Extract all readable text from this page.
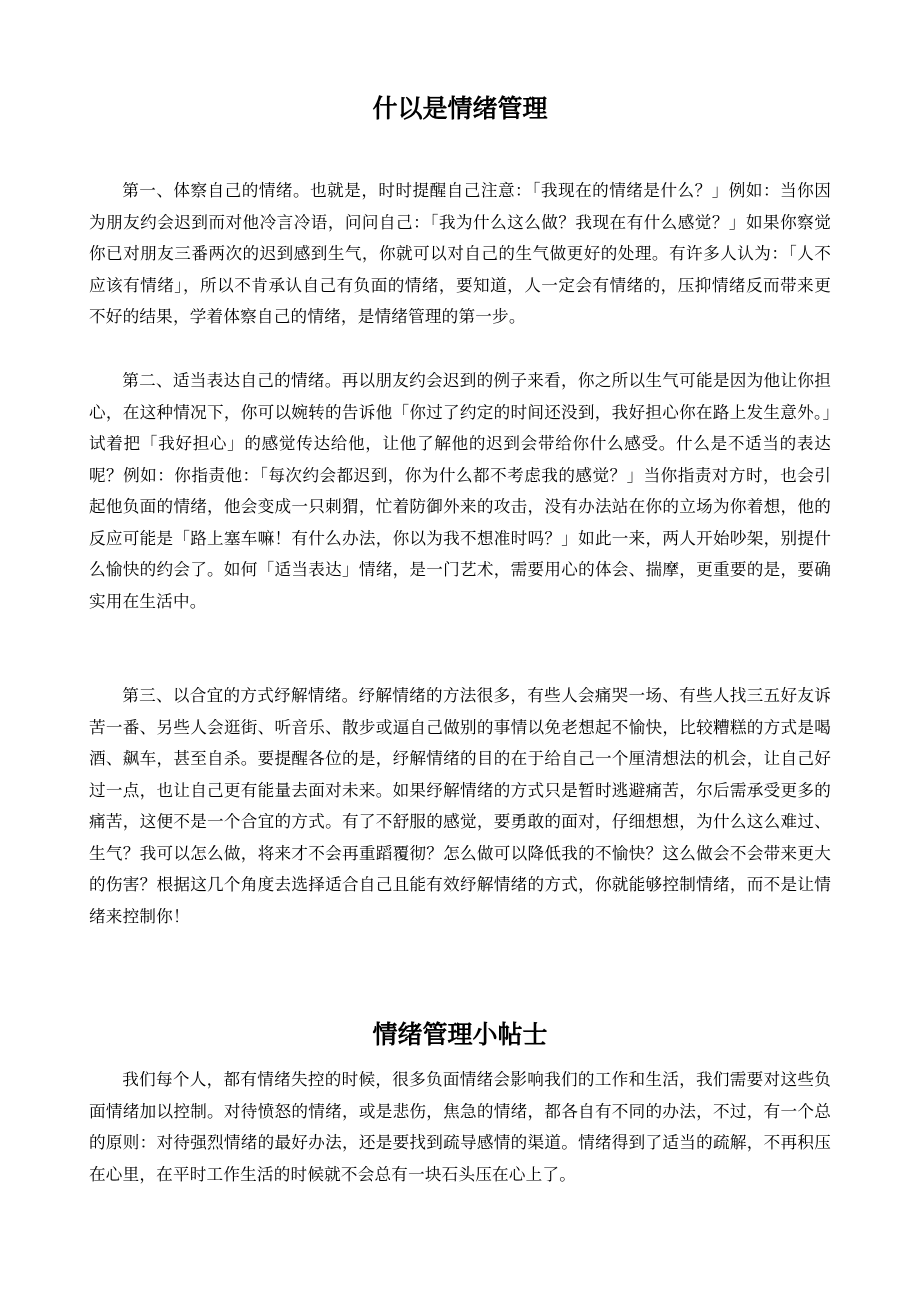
什以是情绪管理

第一、体察自己的情绪。也就是，时时提醒自己注意：「我现在的情绪是什么？」例如：当你因为朋友约会迟到而对他冷言冷语，问问自己：「我为什么这么做？我现在有什么感觉？」如果你察觉你已对朋友三番两次的迟到感到生气，你就可以对自己的生气做更好的处理。有许多人认为：「人不应该有情绪」，所以不肯承认自己有负面的情绪，要知道，人一定会有情绪的，压抑情绪反而带来更不好的结果，学着体察自己的情绪，是情绪管理的第一步。

第二、适当表达自己的情绪。再以朋友约会迟到的例子来看，你之所以生气可能是因为他让你担心，在这种情况下，你可以婉转的告诉他「你过了约定的时间还没到，我好担心你在路上发生意外。」试着把「我好担心」的感觉传达给他，让他了解他的迟到会带给你什么感受。什么是不适当的表达呢？例如：你指责他：「每次约会都迟到，你为什么都不考虑我的感觉？」当你指责对方时，也会引起他负面的情绪，他会变成一只刺猬，忙着防御外来的攻击，没有办法站在你的立场为你着想，他的反应可能是「路上塞车嘛！有什么办法，你以为我不想准时吗？」如此一来，两人开始吵架，别提什么愉快的约会了。如何「适当表达」情绪，是一门艺术，需要用心的体会、揣摩，更重要的是，要确实用在生活中。

第三、以合宜的方式纾解情绪。纾解情绪的方法很多，有些人会痛哭一场、有些人找三五好友诉苦一番、另些人会逛街、听音乐、散步或逼自己做别的事情以免老想起不愉快，比较糟糕的方式是喝酒、飙车，甚至自杀。要提醒各位的是，纾解情绪的目的在于给自己一个厘清想法的机会，让自己好过一点，也让自己更有能量去面对未来。如果纾解情绪的方式只是暂时逃避痛苦，尔后需承受更多的痛苦，这便不是一个合宜的方式。有了不舒服的感觉，要勇敢的面对，仔细想想，为什么这么难过、生气？我可以怎么做，将来才不会再重蹈覆彻？怎么做可以降低我的不愉快？这么做会不会带来更大的伤害？根据这几个角度去选择适合自己且能有效纾解情绪的方式，你就能够控制情绪，而不是让情绪来控制你！

情绪管理小帖士

我们每个人，都有情绪失控的时候，很多负面情绪会影响我们的工作和生活，我们需要对这些负面情绪加以控制。对待愤怒的情绪，或是悲伤，焦急的情绪，都各自有不同的办法，不过，有一个总的原则：对待强烈情绪的最好办法，还是要找到疏导感情的渠道。情绪得到了适当的疏解，不再积压在心里，在平时工作生活的时候就不会总有一块石头压在心上了。
